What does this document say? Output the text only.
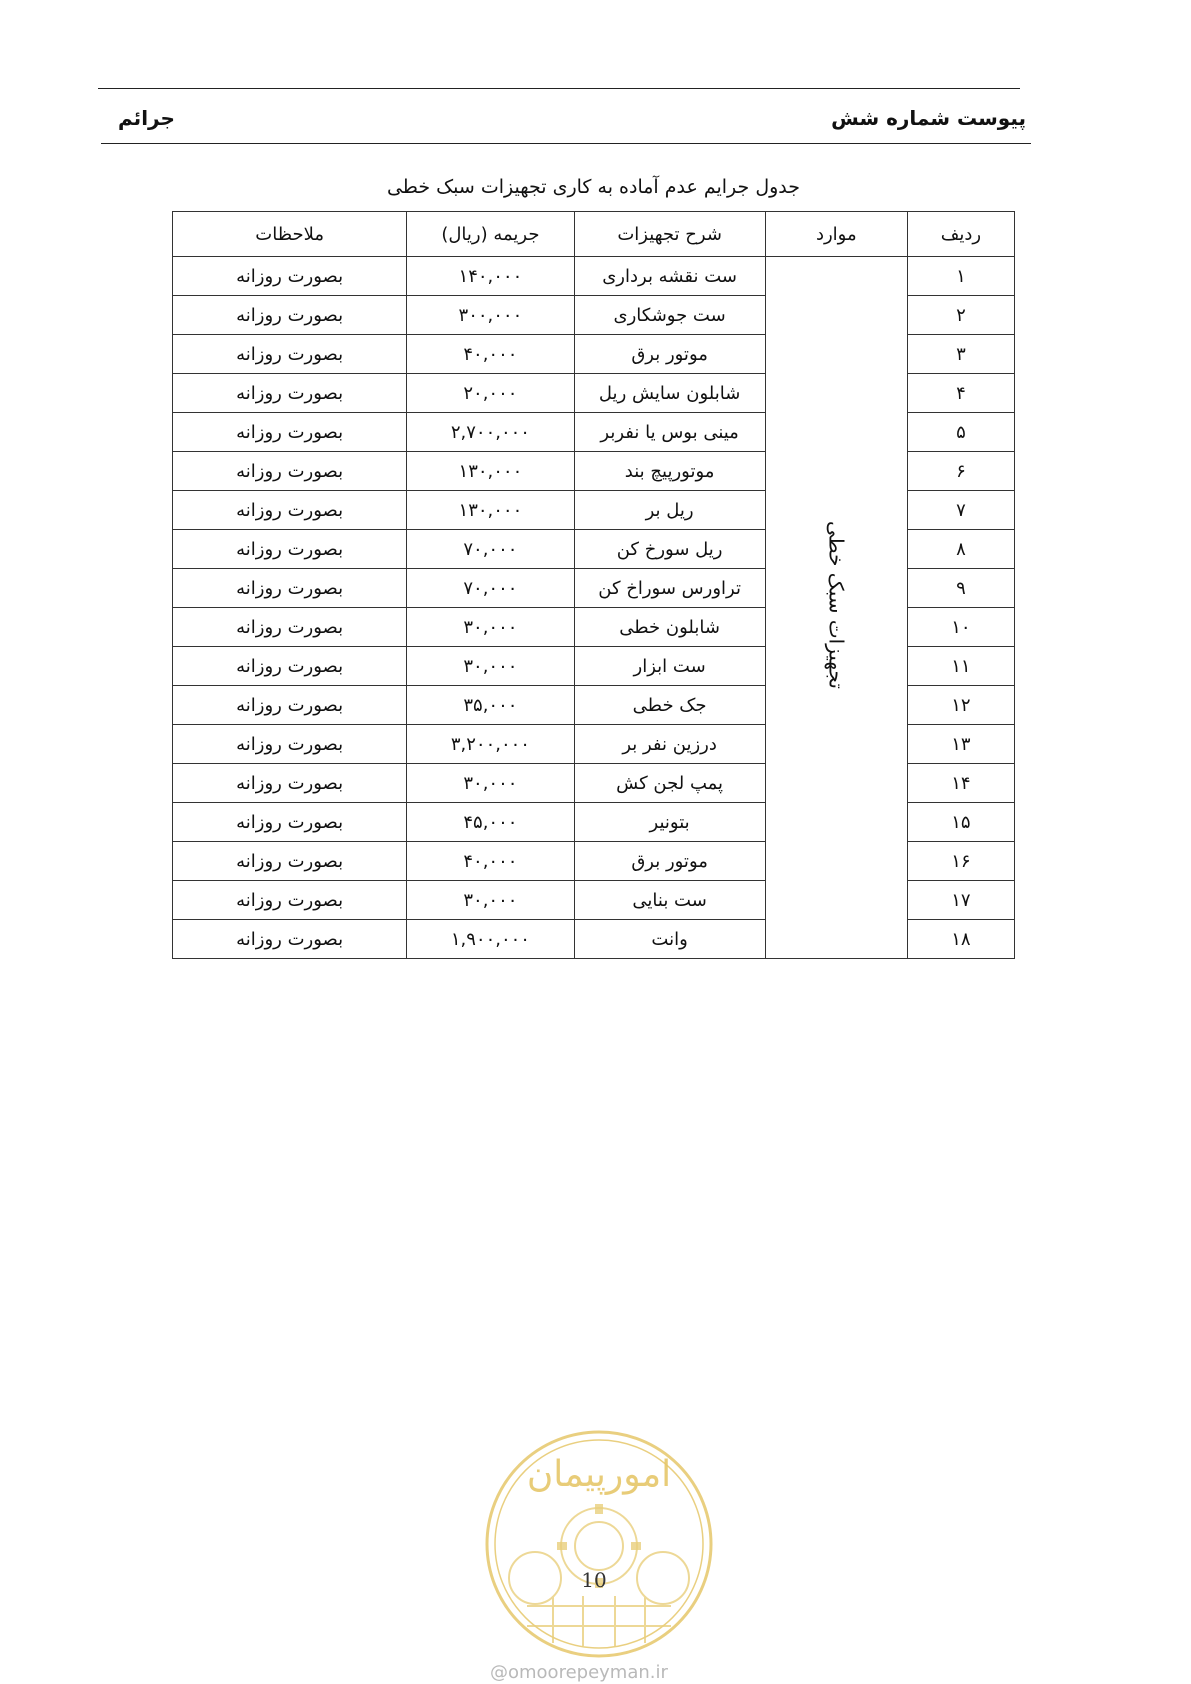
پیوست شماره شش
جرائم
جدول جرایم عدم آماده به کاری تجهیزات سبک خطی
ردیف	موارد	شرح تجهیزات	جریمه (ریال)	ملاحظات
۱	تجهیزات سبک خطی	ست نقشه برداری	۱۴۰,۰۰۰	بصورت روزانه
۲		ست جوشکاری	۳۰۰,۰۰۰	بصورت روزانه
۳		موتور برق	۴۰,۰۰۰	بصورت روزانه
۴		شابلون سایش ریل	۲۰,۰۰۰	بصورت روزانه
۵		مینی بوس یا نفربر	۲,۷۰۰,۰۰۰	بصورت روزانه
۶		موتورپیچ بند	۱۳۰,۰۰۰	بصورت روزانه
۷		ریل بر	۱۳۰,۰۰۰	بصورت روزانه
۸		ریل سورخ کن	۷۰,۰۰۰	بصورت روزانه
۹		تراورس سوراخ کن	۷۰,۰۰۰	بصورت روزانه
۱۰		شابلون خطی	۳۰,۰۰۰	بصورت روزانه
۱۱		ست ابزار	۳۰,۰۰۰	بصورت روزانه
۱۲		جک خطی	۳۵,۰۰۰	بصورت روزانه
۱۳		درزین نفر بر	۳,۲۰۰,۰۰۰	بصورت روزانه
۱۴		پمپ لجن کش	۳۰,۰۰۰	بصورت روزانه
۱۵		بتونیر	۴۵,۰۰۰	بصورت روزانه
۱۶		موتور برق	۴۰,۰۰۰	بصورت روزانه
۱۷		ست بنایی	۳۰,۰۰۰	بصورت روزانه
۱۸		وانت	۱,۹۰۰,۰۰۰	بصورت روزانه
امورپیمان
10
@omoorepeyman.ir
